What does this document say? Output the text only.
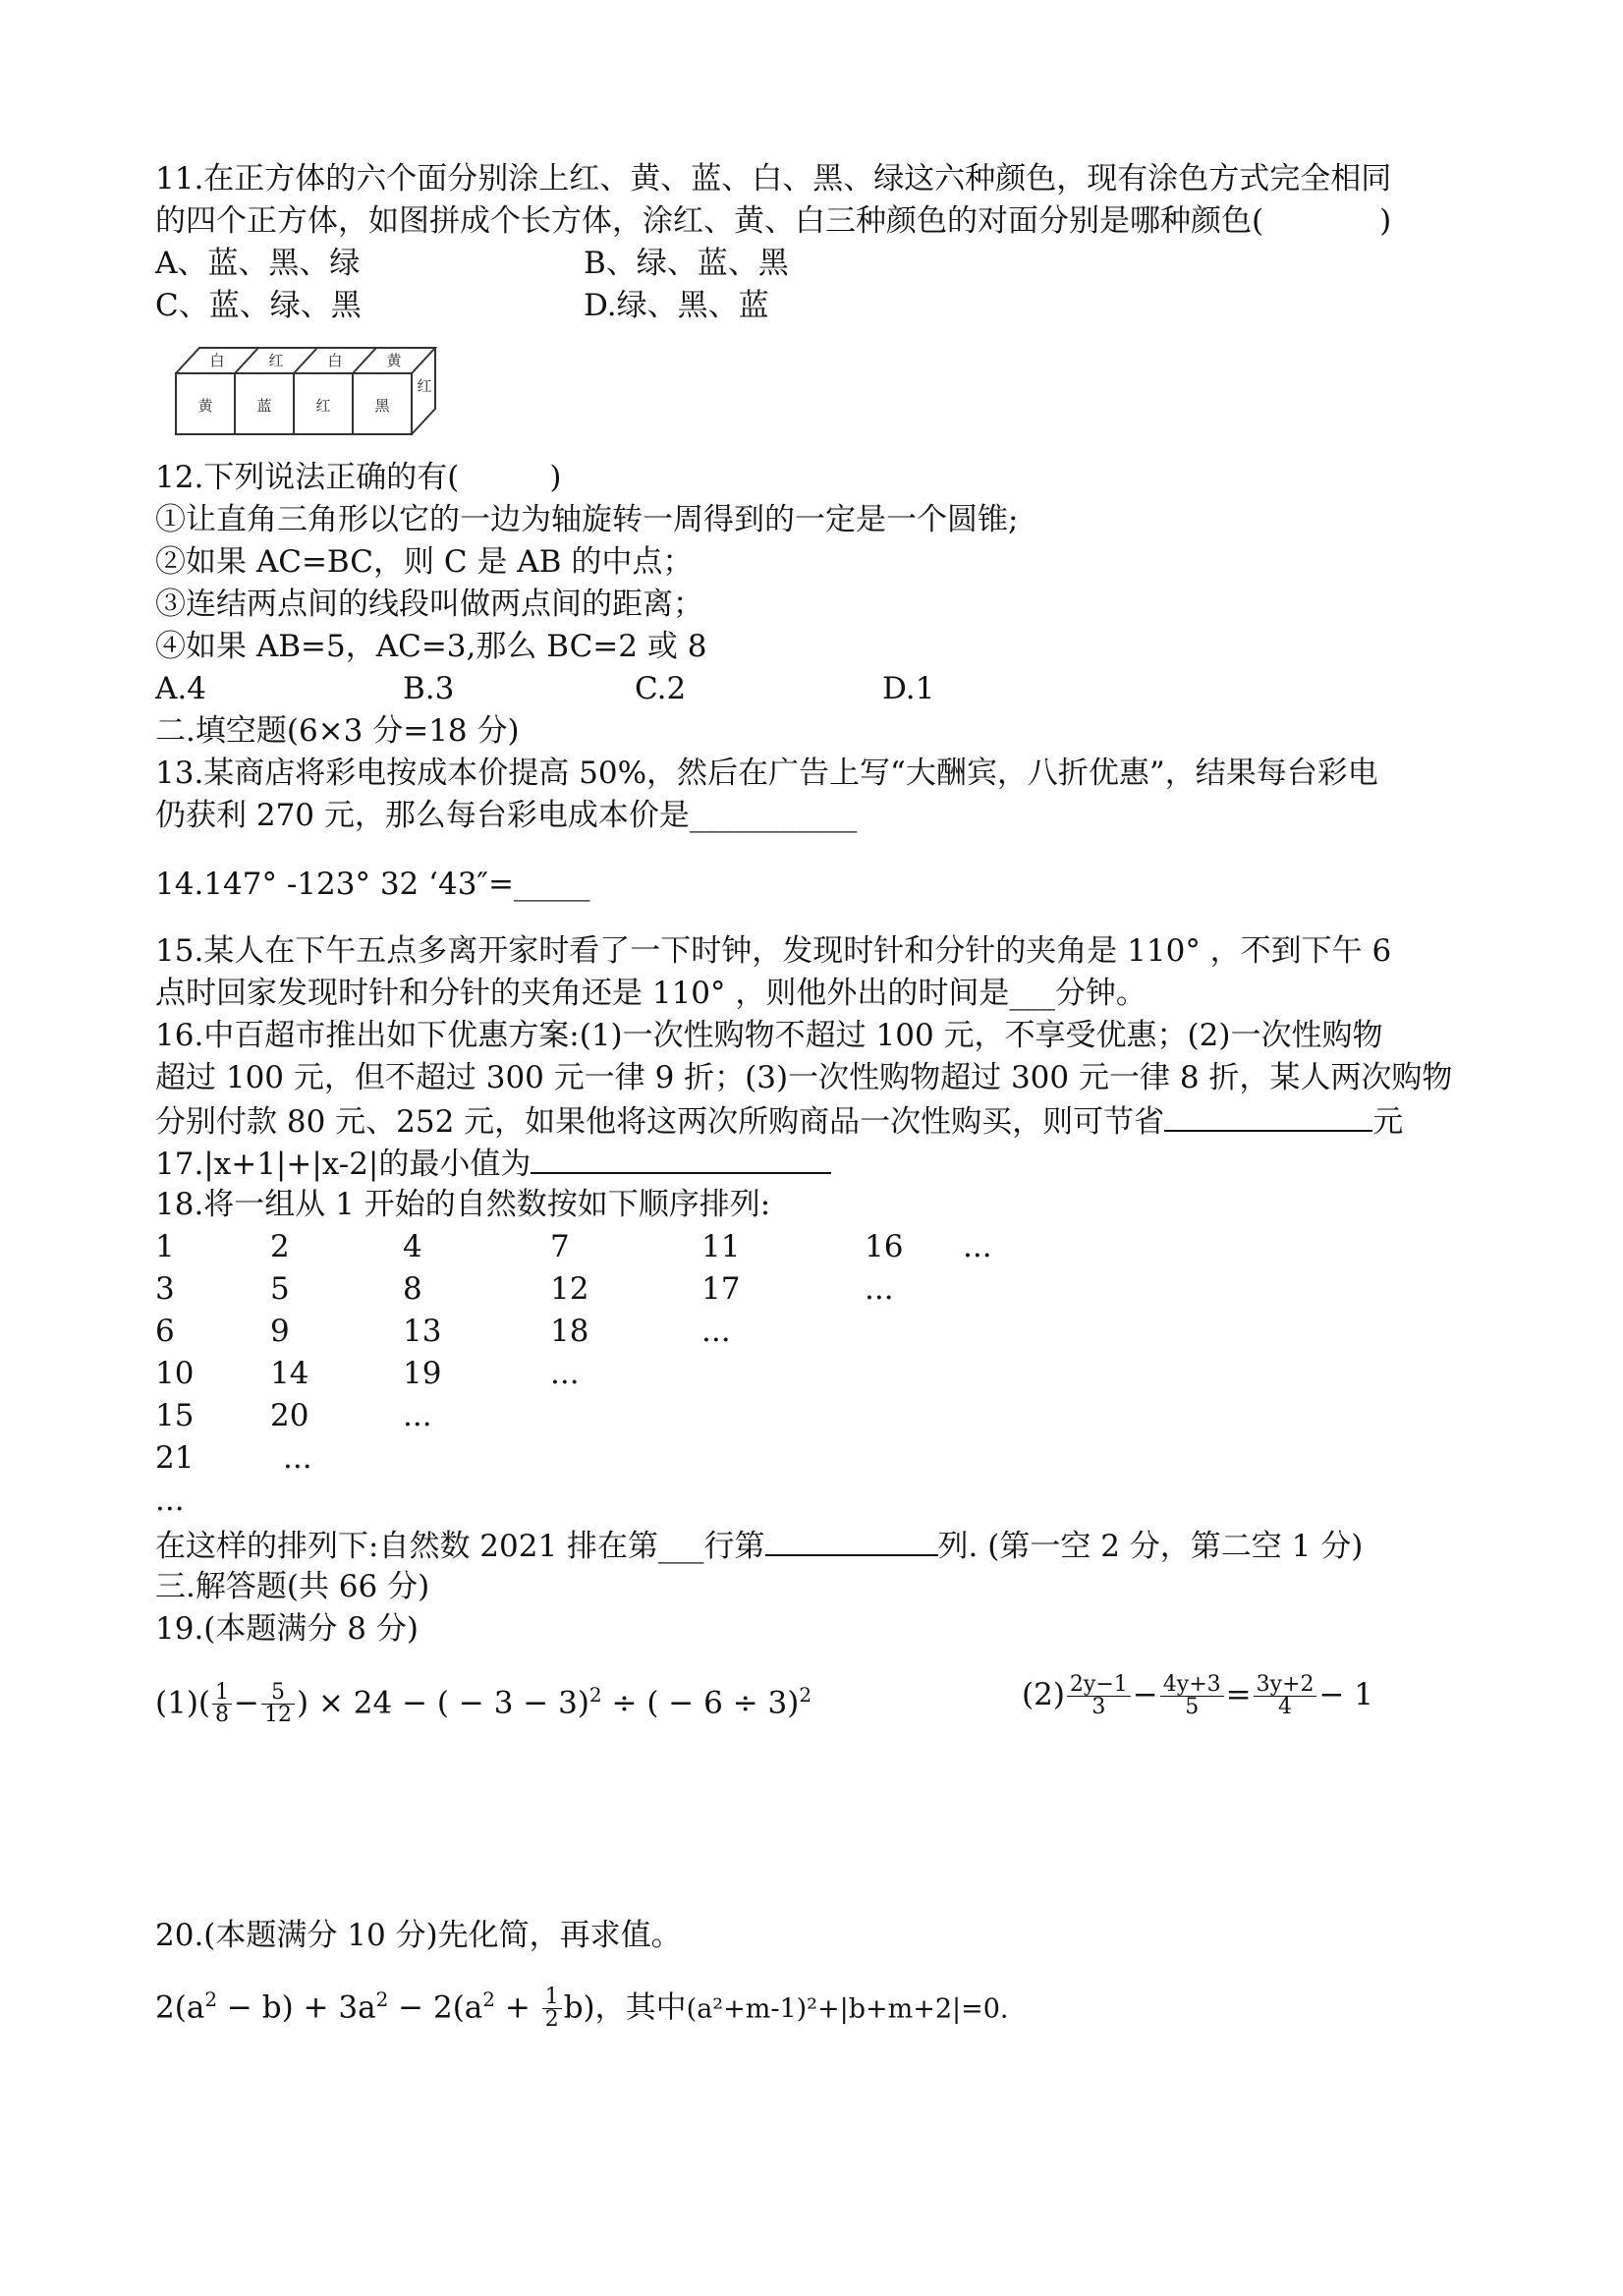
11.在正方体的六个面分别涂上红、黄、蓝、白、黑、绿这六种颜色，现有涂色方式完全相同
的四个正方体，如图拼成个长方体，涂红、黄、白三种颜色的对面分别是哪种颜色(	)
A、蓝、黑、绿	B、绿、蓝、黑
C、蓝、绿、黑	D.绿、黑、蓝
白	红	白	黄
黄	蓝	红	黑
红
12.下列说法正确的有(	)
①让直角三角形以它的一边为轴旋转一周得到的一定是一个圆锥;
②如果 AC=BC，则 C 是 AB 的中点；
③连结两点间的线段叫做两点间的距离；
④如果 AB=5，AC=3,那么 BC=2 或 8
A.4	B.3	C.2	D.1
二.填空题(6×3 分=18 分)
13.某商店将彩电按成本价提高 50%，然后在广告上写“大酬宾，八折优惠”，结果每台彩电
仍获利 270 元，那么每台彩电成本价是___________
14.147° -123° 32 ‘43″=_____
15.某人在下午五点多离开家时看了一下时钟，发现时针和分针的夹角是 110° ，不到下午 6
点时回家发现时针和分针的夹角还是 110° ，则他外出的时间是___分钟。
16.中百超市推出如下优惠方案:(1)一次性购物不超过 100 元，不享受优惠；(2)一次性购物
超过 100 元，但不超过 300 元一律 9 折；(3)一次性购物超过 300 元一律 8 折，某人两次购物
分别付款 80 元、252 元，如果他将这两次所购商品一次性购买，则可节省	元
17.|x+1|+|x-2|的最小值为
18.将一组从 1 开始的自然数按如下顺序排列:
1	2	4	7	11	16 ...
3	5	8	12	17	...
6	9	13	18	...
10	14	19	...
15	20	...
21	...
...
在这样的排列下:自然数 2021 排在第___行第	列. (第一空 2 分，第二空 1 分)
三.解答题(共 66 分)
19.(本题满分 8 分)
$(1)( \frac{1}{8} - \frac{5}{12}$ ) × 24 − ( − 3 − 3)$^2$ ÷ ( − 6 ÷ 3)$^2$	$(2) \frac{2y-1}{3} - \frac{4y+3}{5} = \frac{3y+2}{4} - 1$
20.(本题满分 10 分)先化简，再求值。
$2(a^2 - b) + 3a^2 - 2(a^2 + \frac{1}{2} b)$，其中(a²+m-1)²+|b+m+2|=0.
